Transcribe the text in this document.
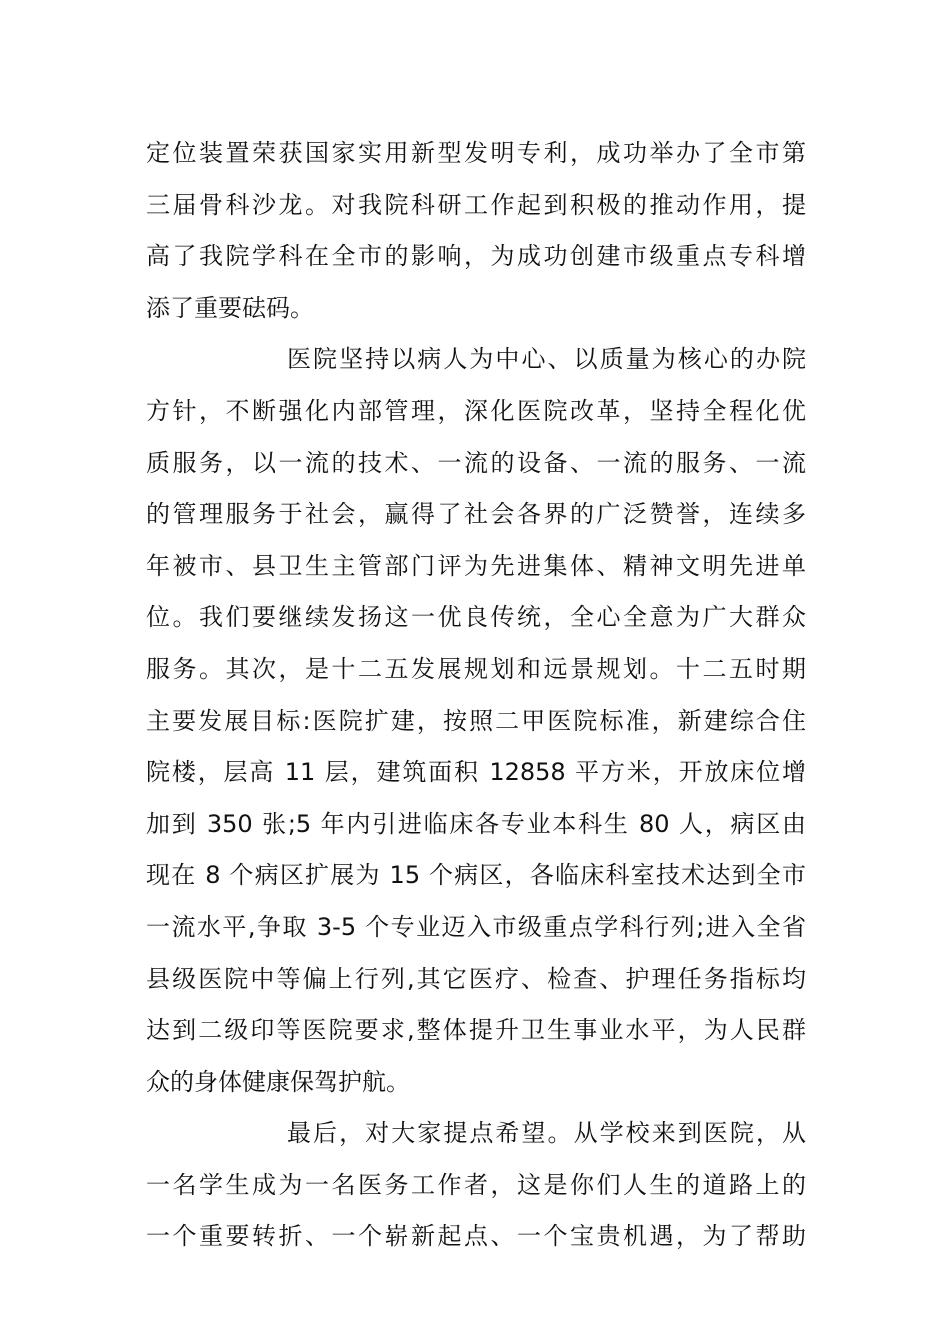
定位装置荣获国家实用新型发明专利，成功举办了全市第
三届骨科沙龙。对我院科研工作起到积极的推动作用，提
高了我院学科在全市的影响，为成功创建市级重点专科增
添了重要砝码。
医院坚持以病人为中心、以质量为核心的办院
方针，不断强化内部管理，深化医院改革，坚持全程化优
质服务，以一流的技术、一流的设备、一流的服务、一流
的管理服务于社会，赢得了社会各界的广泛赞誉，连续多
年被市、县卫生主管部门评为先进集体、精神文明先进单
位。我们要继续发扬这一优良传统，全心全意为广大群众
服务。其次，是十二五发展规划和远景规划。十二五时期
主要发展目标:医院扩建，按照二甲医院标准，新建综合住
院楼，层高 11 层，建筑面积 12858 平方米，开放床位增
加到 350 张;5 年内引进临床各专业本科生 80 人，病区由
现在 8 个病区扩展为 15 个病区，各临床科室技术达到全市
一流水平,争取 3-5 个专业迈入市级重点学科行列;进入全省
县级医院中等偏上行列,其它医疗、检查、护理任务指标均
达到二级印等医院要求,整体提升卫生事业水平，为人民群
众的身体健康保驾护航。
最后，对大家提点希望。从学校来到医院，从
一名学生成为一名医务工作者，这是你们人生的道路上的
一个重要转折、一个崭新起点、一个宝贵机遇，为了帮助
